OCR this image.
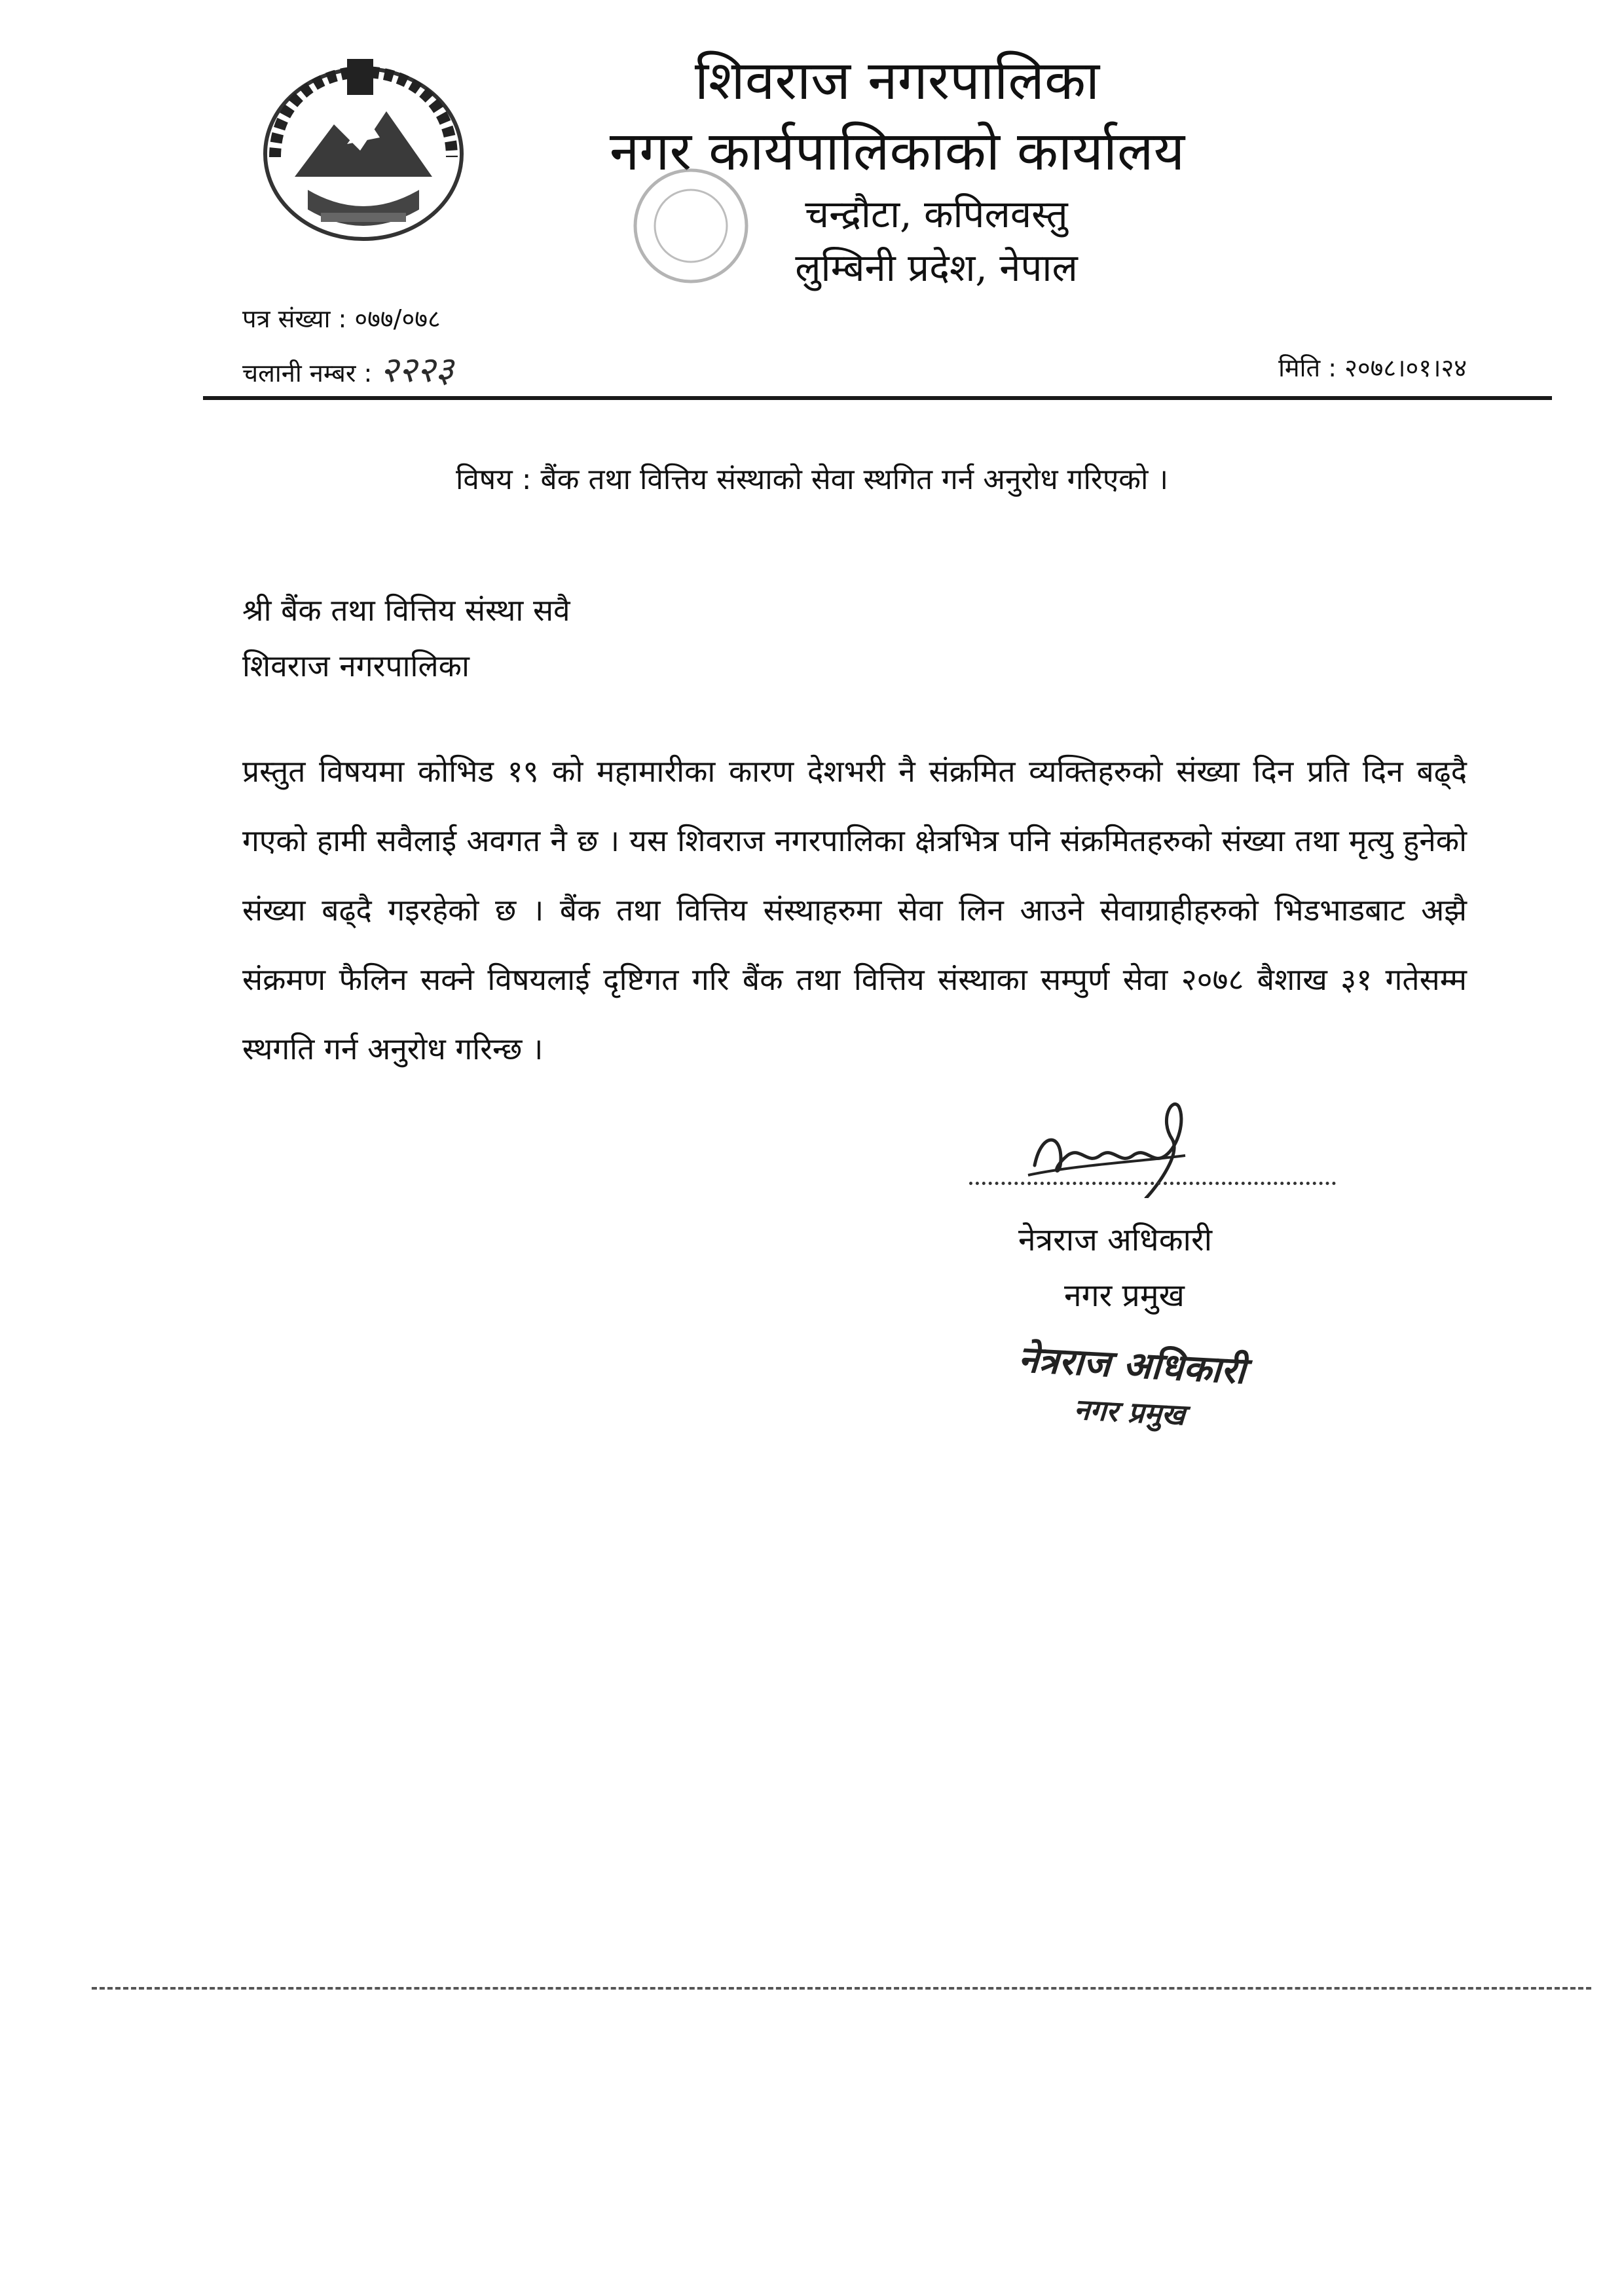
शिवराज नगरपालिका
नगर कार्यपालिकाको कार्यालय
चन्द्रौटा, कपिलवस्तु
लुम्बिनी प्रदेश, नेपाल
पत्र संख्या : ०७७/०७८
चलानी नम्बर : २२२३	मिति : २०७८।०१।२४
विषय : बैंक तथा वित्तिय संस्थाको सेवा स्थगित गर्न अनुरोध गरिएको ।
श्री बैंक तथा वित्तिय संस्था सवै
शिवराज नगरपालिका
प्रस्तुत विषयमा कोभिड १९ को महामारीका कारण देशभरी नै संक्रमित व्यक्तिहरुको संख्या दिन प्रति दिन बढ्दै गएको हामी सवैलाई अवगत नै छ । यस शिवराज नगरपालिका क्षेत्रभित्र पनि संक्रमितहरुको संख्या तथा मृत्यु हुनेको संख्या बढ्दै गइरहेको छ । बैंक तथा वित्तिय संस्थाहरुमा सेवा लिन आउने सेवाग्राहीहरुको भिडभाडबाट अझै संक्रमण फैलिन सक्ने विषयलाई दृष्टिगत गरि बैंक तथा वित्तिय संस्थाका सम्पुर्ण सेवा २०७८ बैशाख ३१ गतेसम्म स्थगति गर्न अनुरोध गरिन्छ ।
नेत्रराज अधिकारी
नगर प्रमुख
नेत्रराज अधिकारी
नगर प्रमुख
